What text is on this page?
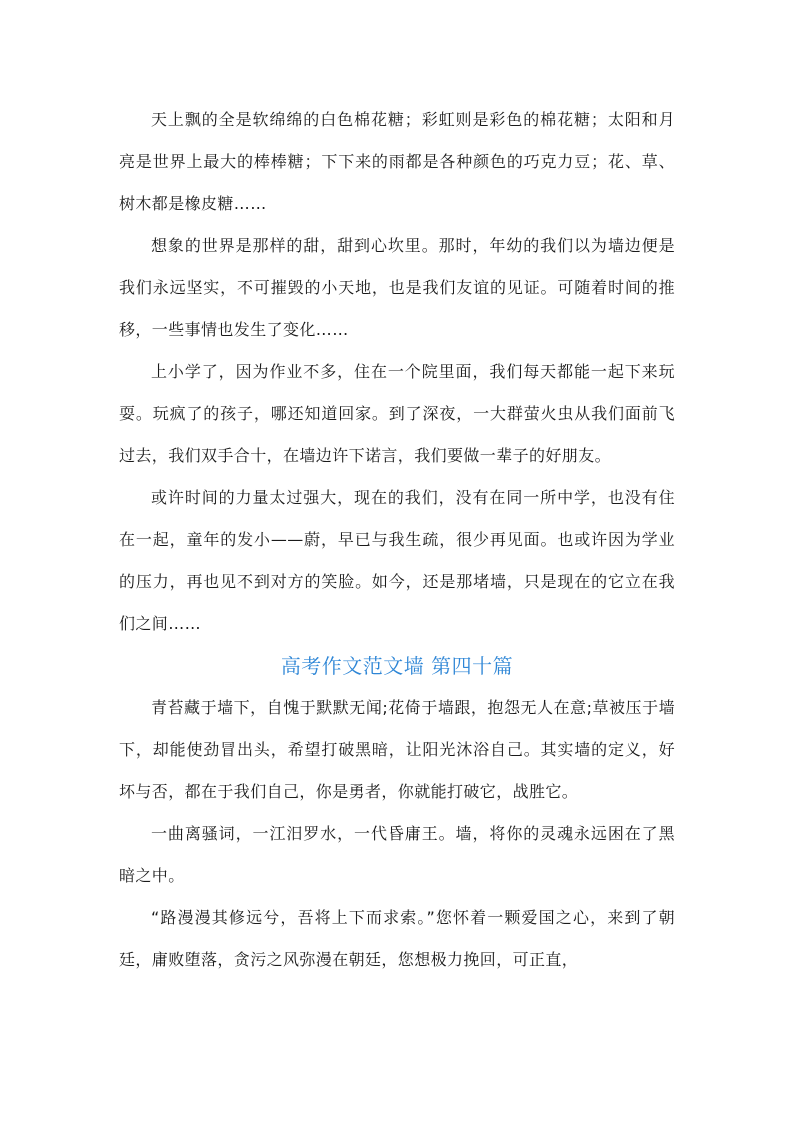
天上飘的全是软绵绵的白色棉花糖；彩虹则是彩色的棉花糖；太阳和月亮是世界上最大的棒棒糖；下下来的雨都是各种颜色的巧克力豆；花、草、树木都是橡皮糖……

想象的世界是那样的甜，甜到心坎里。那时，年幼的我们以为墙边便是我们永远坚实，不可摧毁的小天地，也是我们友谊的见证。可随着时间的推移，一些事情也发生了变化……

上小学了，因为作业不多，住在一个院里面，我们每天都能一起下来玩耍。玩疯了的孩子，哪还知道回家。到了深夜，一大群萤火虫从我们面前飞过去，我们双手合十，在墙边许下诺言，我们要做一辈子的好朋友。

或许时间的力量太过强大，现在的我们，没有在同一所中学，也没有住在一起，童年的发小——蔚，早已与我生疏，很少再见面。也或许因为学业的压力，再也见不到对方的笑脸。如今，还是那堵墙，只是现在的它立在我们之间……

高考作文范文墙 第四十篇

青苔藏于墙下，自愧于默默无闻;花倚于墙跟，抱怨无人在意;草被压于墙下，却能使劲冒出头，希望打破黑暗，让阳光沐浴自己。其实墙的定义，好坏与否，都在于我们自己，你是勇者，你就能打破它，战胜它。

一曲离骚词，一江汨罗水，一代昏庸王。墙，将你的灵魂永远困在了黑暗之中。

“路漫漫其修远兮，吾将上下而求索。”您怀着一颗爱国之心，来到了朝廷，庸败堕落，贪污之风弥漫在朝廷，您想极力挽回，可正直，
